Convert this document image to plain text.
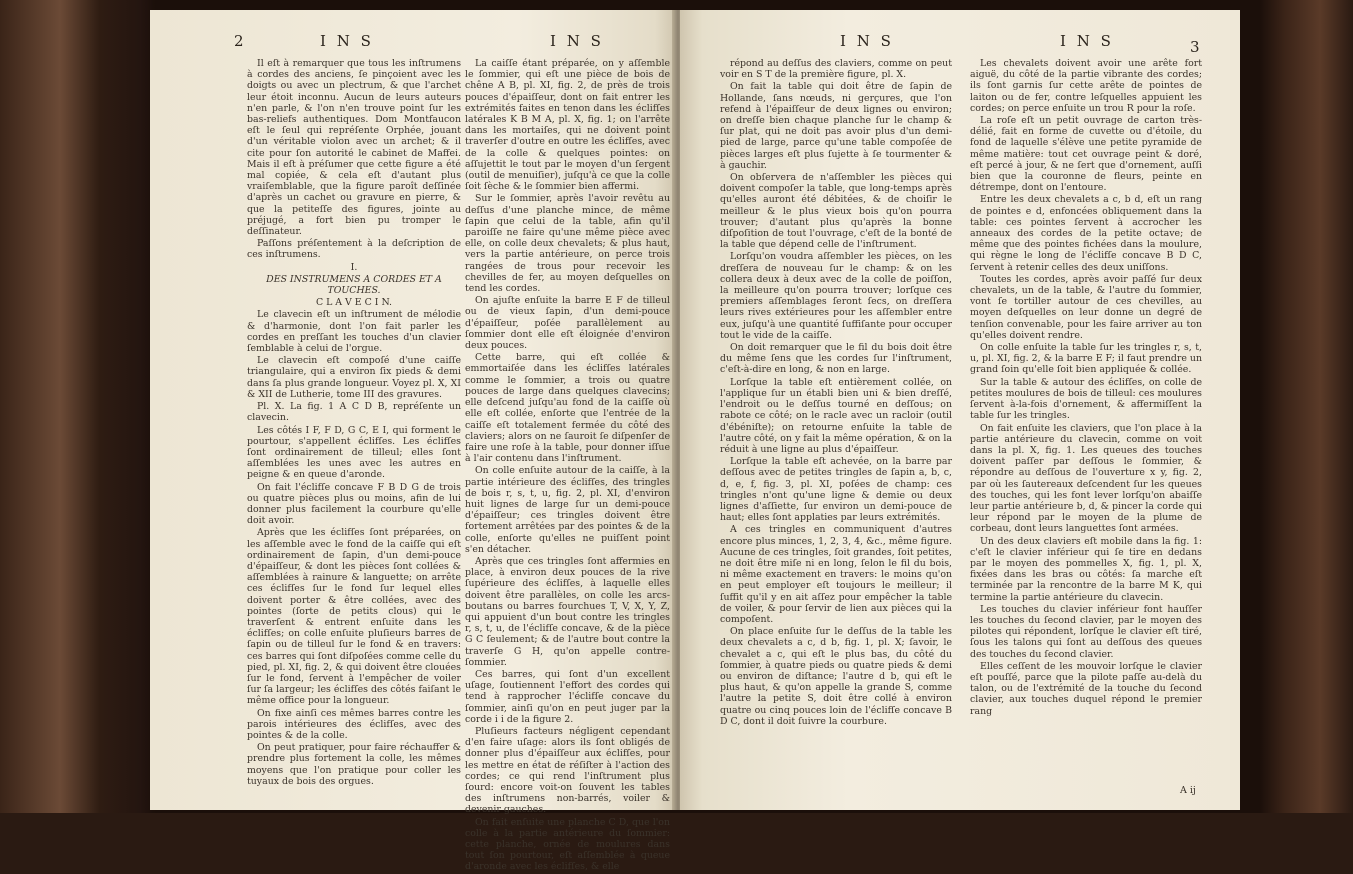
2	I N S	I N S

Il eſt à remarquer que tous les inſtrumens à cordes des anciens, ſe pinçoient avec les doigts ou avec un plectrum, & que l'archet leur étoit inconnu. Aucun de leurs auteurs n'en parle, & l'on n'en trouve point ſur les bas-reliefs authentiques. Dom Montfaucon eſt le ſeul qui repréſente Orphée, jouant d'un véritable violon avec un archet; & il cite pour ſon autorité le cabinet de Maffei. Mais il eſt à préſumer que cette figure a été mal copiée, & cela eſt d'autant plus vraiſemblable, que la figure paroît deſſinée d'après un cachet ou gravure en pierre, & que la petiteſſe des figures, jointe au préjugé, a fort bien pu tromper le deſſinateur.

Paſſons préſentement à la deſcription de ces inſtrumens.

I.

DES INSTRUMENS A CORDES ET A TOUCHES.

C L A V E C I N.

Le clavecin eſt un inſtrument de mélodie & d'harmonie, dont l'on fait parler les cordes en preſſant les touches d'un clavier ſemblable à celui de l'orgue.

Le clavecin eſt compoſé d'une caiſſe triangulaire, qui a environ ſix pieds & demi dans ſa plus grande longueur. Voyez pl. X, XI & XII de Lutherie, tome III des gravures.

Pl. X. La fig. 1 A C D B, repréſente un clavecin.

Les côtés I F, F D, G C, E I, qui forment le pourtour, s'appellent éclifſes. Les éclifſes ſont ordinairement de tilleul; elles ſont aſſemblées les unes avec les autres en peigne & en queue d'aronde.

On fait l'éclifſe concave F B D G de trois ou quatre pièces plus ou moins, afin de lui donner plus facilement la courbure qu'elle doit avoir.

Après que les éclifſes ſont préparées, on les aſſemble avec le fond de la caiſſe qui eſt ordinairement de ſapin, d'un demi-pouce d'épaiſſeur, & dont les pièces ſont collées & aſſemblées à rainure & languette; on arrête ces éclifſes ſur le fond ſur lequel elles doivent porter & être collées, avec des pointes (ſorte de petits clous) qui le traverſent & entrent enſuite dans les éclifſes; on colle enſuite pluſieurs barres de ſapin ou de tilleul ſur le fond & en travers: ces barres qui ſont diſpoſées comme celle du pied, pl. XI, fig. 2, & qui doivent être clouées ſur le fond, ſervent à l'empêcher de voiler ſur ſa largeur; les éclifſes des côtés faiſant le même office pour la longueur.

On fixe ainſi ces mêmes barres contre les parois intérieures des éclifſes, avec des pointes & de la colle.

On peut pratiquer, pour faire réchauffer & prendre plus fortement la colle, les mêmes moyens que l'on pratique pour coller les tuyaux de bois des orgues.

La caiſſe étant préparée, on y aſſemble le ſommier, qui eſt une pièce de bois de chêne A B, pl. XI, fig. 2, de près de trois pouces d'épaiſſeur, dont on fait entrer les extrémités faites en tenon dans les éclifſes latérales K B M A, pl. X, fig. 1; on l'arrête dans les mortaiſes, qui ne doivent point traverſer d'outre en outre les éclifſes, avec de la colle & quelques pointes: on aſſujettit le tout par le moyen d'un ſergent (outil de menuiſier), juſqu'à ce que la colle ſoit ſèche & le ſommier bien affermi.

Sur le ſommier, après l'avoir revêtu au deſſus d'une planche mince, de même ſapin que celui de la table, afin qu'il paroiſſe ne faire qu'une même pièce avec elle, on colle deux chevalets; & plus haut, vers la partie antérieure, on perce trois rangées de trous pour recevoir les chevilles de fer, au moyen deſquelles on tend les cordes.

On ajuſte enſuite la barre E F de tilleul ou de vieux ſapin, d'un demi-pouce d'épaiſſeur, poſée parallèlement au ſommier dont elle eſt éloignée d'environ deux pouces.

Cette barre, qui eſt collée & emmortaiſée dans les éclifſes latérales comme le ſommier, a trois ou quatre pouces de large dans quelques clavecins; elle deſcend juſqu'au fond de la caiſſe où elle eſt collée, enſorte que l'entrée de la caiſſe eſt totalement fermée du côté des claviers; alors on ne ſauroit ſe diſpenſer de faire une roſe à la table, pour donner iſſue à l'air contenu dans l'inſtrument.

On colle enſuite autour de la caiſſe, à la partie intérieure des éclifſes, des tringles de bois r, s, t, u, fig. 2, pl. XI, d'environ huit lignes de large ſur un demi-pouce d'épaiſſeur; ces tringles doivent être fortement arrêtées par des pointes & de la colle, enſorte qu'elles ne puiſſent point s'en détacher.

Après que ces tringles ſont affermies en place, à environ deux pouces de la rive ſupérieure des éclifſes, à laquelle elles doivent être parallèles, on colle les arcs-boutans ou barres fourchues T, V, X, Y, Z, qui appuient d'un bout contre les tringles r, s, t, u, de l'éclifſe concave, & de la pièce G C ſeulement; & de l'autre bout contre la traverſe G H, qu'on appelle contre-ſommier.

Ces barres, qui ſont d'un excellent uſage, ſoutiennent l'effort des cordes qui tend à rapprocher l'éclifſe concave du ſommier, ainſi qu'on en peut juger par la corde i i de la figure 2.

Pluſieurs facteurs négligent cependant d'en faire uſage: alors ils ſont obligés de donner plus d'épaiſſeur aux éclifſes, pour les mettre en état de réſiſter à l'action des cordes; ce qui rend l'inſtrument plus ſourd: encore voit-on ſouvent les tables des inſtrumens non-barrés, voiler & devenir gauches.

On fait enſuite une planche C D, que l'on colle à la partie antérieure du ſommier: cette planche, ornée de moulures dans tout ſon pourtour, eſt aſſemblée à queue d'aronde avec les éclifſes, & elle

I N S	I N S	3

répond au deſſus des claviers, comme on peut voir en S T de la première figure, pl. X.

On fait la table qui doit être de ſapin de Hollande, ſans nœuds, ni gerçures, que l'on refend à l'épaiſſeur de deux lignes ou environ; on dreſſe bien chaque planche ſur le champ & ſur plat, qui ne doit pas avoir plus d'un demi-pied de large, parce qu'une table compoſée de pièces larges eſt plus ſujette à ſe tourmenter & à gauchir.

On obſervera de n'aſſembler les pièces qui doivent compoſer la table, que long-temps après qu'elles auront été débitées, & de choiſir le meilleur & le plus vieux bois qu'on pourra trouver; d'autant plus qu'après la bonne diſpoſition de tout l'ouvrage, c'eſt de la bonté de la table que dépend celle de l'inſtrument.

Lorſqu'on voudra aſſembler les pièces, on les dreſſera de nouveau ſur le champ: & on les collera deux à deux avec de la colle de poiſſon, la meilleure qu'on pourra trouver; lorſque ces premiers aſſemblages ſeront ſecs, on dreſſera leurs rives extérieures pour les aſſembler entre eux, juſqu'à une quantité ſuffiſante pour occuper tout le vide de la caiſſe.

On doit remarquer que le fil du bois doit être du même ſens que les cordes ſur l'inſtrument, c'eſt-à-dire en long, & non en large.

Lorſque la table eſt entièrement collée, on l'applique ſur un établi bien uni & bien dreſſé, l'endroit ou le deſſus tourné en deſſous; on rabote ce côté; on le racle avec un racloir (outil d'ébéniſte); on retourne enſuite la table de l'autre côté, on y fait la même opération, & on la réduit à une ligne au plus d'épaiſſeur.

Lorſque la table eſt achevée, on la barre par deſſous avec de petites tringles de ſapin a, b, c, d, e, f, fig. 3, pl. XI, poſées de champ: ces tringles n'ont qu'une ligne & demie ou deux lignes d'aſſiette, ſur environ un demi-pouce de haut; elles ſont applaties par leurs extrémités.

A ces tringles en communiquent d'autres encore plus minces, 1, 2, 3, 4, &c., même figure. Aucune de ces tringles, ſoit grandes, ſoit petites, ne doit être miſe ni en long, ſelon le fil du bois, ni même exactement en travers: le moins qu'on en peut employer eſt toujours le meilleur; il ſuffit qu'il y en ait aſſez pour empêcher la table de voiler, & pour ſervir de lien aux pièces qui la compoſent.

On place enſuite ſur le deſſus de la table les deux chevalets a c, d b, fig. 1, pl. X; ſavoir, le chevalet a c, qui eſt le plus bas, du côté du ſommier, à quatre pieds ou quatre pieds & demi ou environ de diſtance; l'autre d b, qui eſt le plus haut, & qu'on appelle la grande S, comme l'autre la petite S, doit être collé à environ quatre ou cinq pouces loin de l'éclifſe concave B D C, dont il doit ſuivre la courbure.

Les chevalets doivent avoir une arête fort aiguë, du côté de la partie vibrante des cordes; ils ſont garnis ſur cette arête de pointes de laiton ou de fer, contre leſquelles appuient les cordes; on perce enſuite un trou R pour la roſe.

La roſe eſt un petit ouvrage de carton très-délié, fait en forme de cuvette ou d'étoile, du fond de laquelle s'élève une petite pyramide de même matière: tout cet ouvrage peint & doré, eſt percé à jour, & ne ſert que d'ornement, auſſi bien que la couronne de fleurs, peinte en détrempe, dont on l'entoure.

Entre les deux chevalets a c, b d, eſt un rang de pointes e d, enfoncées obliquement dans la table: ces pointes ſervent à accrocher les anneaux des cordes de la petite octave; de même que des pointes fichées dans la moulure, qui règne le long de l'éclifſe concave B D C, ſervent à retenir celles des deux uniſſons.

Toutes les cordes, après avoir paſſé ſur deux chevalets, un de la table, & l'autre du ſommier, vont ſe tortiller autour de ces chevilles, au moyen deſquelles on leur donne un degré de tenſion convenable, pour les faire arriver au ton qu'elles doivent rendre.

On colle enſuite la table ſur les tringles r, s, t, u, pl. XI, fig. 2, & la barre E F; il faut prendre un grand ſoin qu'elle ſoit bien appliquée & collée.

Sur la table & autour des éclifſes, on colle de petites moulures de bois de tilleul: ces moulures ſervent à-la-fois d'ornement, & affermiſſent la table ſur les tringles.

On fait enſuite les claviers, que l'on place à la partie antérieure du clavecin, comme on voit dans la pl. X, fig. 1. Les queues des touches doivent paſſer par deſſous le ſommier, & répondre au deſſous de l'ouverture x y, fig. 2, par où les ſautereaux deſcendent ſur les queues des touches, qui les font lever lorſqu'on abaiſſe leur partie antérieure b, d, & pincer la corde qui leur répond par le moyen de la plume de corbeau, dont leurs languettes ſont armées.

Un des deux claviers eſt mobile dans la fig. 1: c'eſt le clavier inférieur qui ſe tire en dedans par le moyen des pommelles X, fig. 1, pl. X, fixées dans les bras ou côtés: ſa marche eſt terminée par la rencontre de la barre M K, qui termine la partie antérieure du clavecin.

Les touches du clavier inférieur font hauſſer les touches du ſecond clavier, par le moyen des pilotes qui répondent, lorſque le clavier eſt tiré, ſous les talons qui ſont au deſſous des queues des touches du ſecond clavier.

Elles ceſſent de les mouvoir lorſque le clavier eſt pouſſé, parce que la pilote paſſe au-delà du talon, ou de l'extrémité de la touche du ſecond clavier, aux touches duquel répond le premier rang

A ij
